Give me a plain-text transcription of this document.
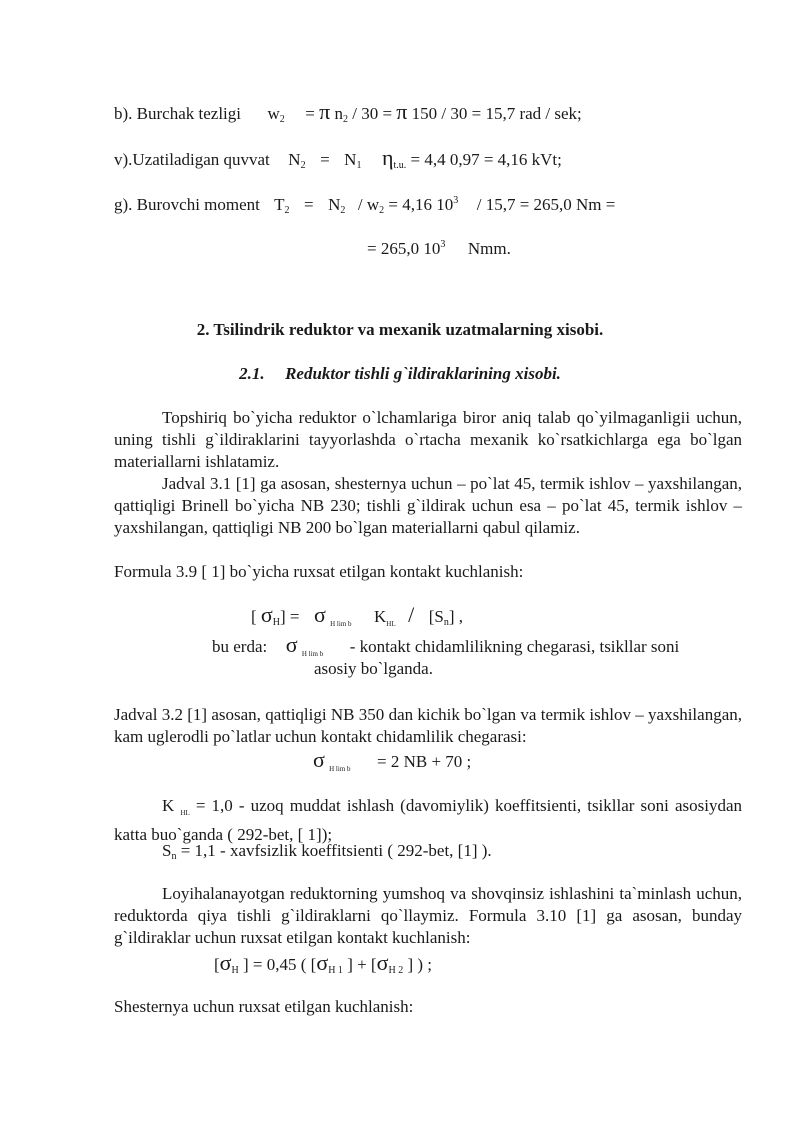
b). Burchak tezligi $w_2 = \pi$ $n_2 / 30 = \pi$ 150 / 30 = 15,7 rad / sek;
v).Uzatiladigan quvvat $N_2 = N_1$ $\eta_{t.u.} = 4,4$ 0,97 = 4,16 kVt;
g). Burovchi moment $T_2 = N_2 / w_2 = 4,16$ $10^3 / 15,7 = 265,0$ Nm =
= 265,0 $10^3$ Nmm.
2. Tsilindrik reduktor va mexanik uzatmalarning xisobi.
2.1. Reduktor tishli g`ildiraklarining xisobi.
Topshiriq bo`yicha reduktor o`lchamlariga biror aniq talab qo`yilmaganligii uchun, uning tishli g`ildiraklarini tayyorlashda o`rtacha mexanik ko`rsatkichlarga ega bo`lgan materiallarni ishlatamiz.
Jadval 3.1 [1] ga asosan, shesternya uchun – po`lat 45, termik ishlov – yaxshilangan, qattiqligi Brinell bo`yicha NB 230; tishli g`ildirak uchun esa – po`lat 45, termik ishlov – yaxshilangan, qattiqligi NB 200 bo`lgan materiallarni qabul qilamiz.
Formula 3.9 [ 1] bo`yicha ruxsat etilgan kontakt kuchlanish:
[ $\sigma_H] = \sigma$ $_{H lim b}$ $K_{HL} / [S_n]$ ,
bu erda: σ $_{H lim b}$ - kontakt chidamlilikning chegarasi, tsikllar soni
asosiy bo`lganda.
Jadval 3.2 [1] asosan, qattiqligi NB 350 dan kichik bo`lgan va termik ishlov – yaxshilangan, kam uglerodli po`latlar uchun kontakt chidamlilik chegarasi:
σ $_{H lim b}$ = 2 NB + 70 ;
K $_{HL}$ = 1,0 - uzoq muddat ishlash (davomiylik) koeffitsienti, tsikllar soni asosiydan katta buo`ganda ( 292-bet, [ 1]);
$S_n = 1,1$ - xavfsizlik koeffitsienti ( 292-bet, [1] ).
Loyihalanayotgan reduktorning yumshoq va shovqinsiz ishlashini ta`minlash uchun, reduktorda qiya tishli g`ildiraklarni qo`llaymiz. Formula 3.10 [1] ga asosan, bunday g`ildiraklar uchun ruxsat etilgan kontakt kuchlanish:
[$\sigma_H$ ] = 0,45 ( [$\sigma_{H 1}$ ] + [$\sigma_{H 2}$ ] ) ;
Shesternya uchun ruxsat etilgan kuchlanish:
